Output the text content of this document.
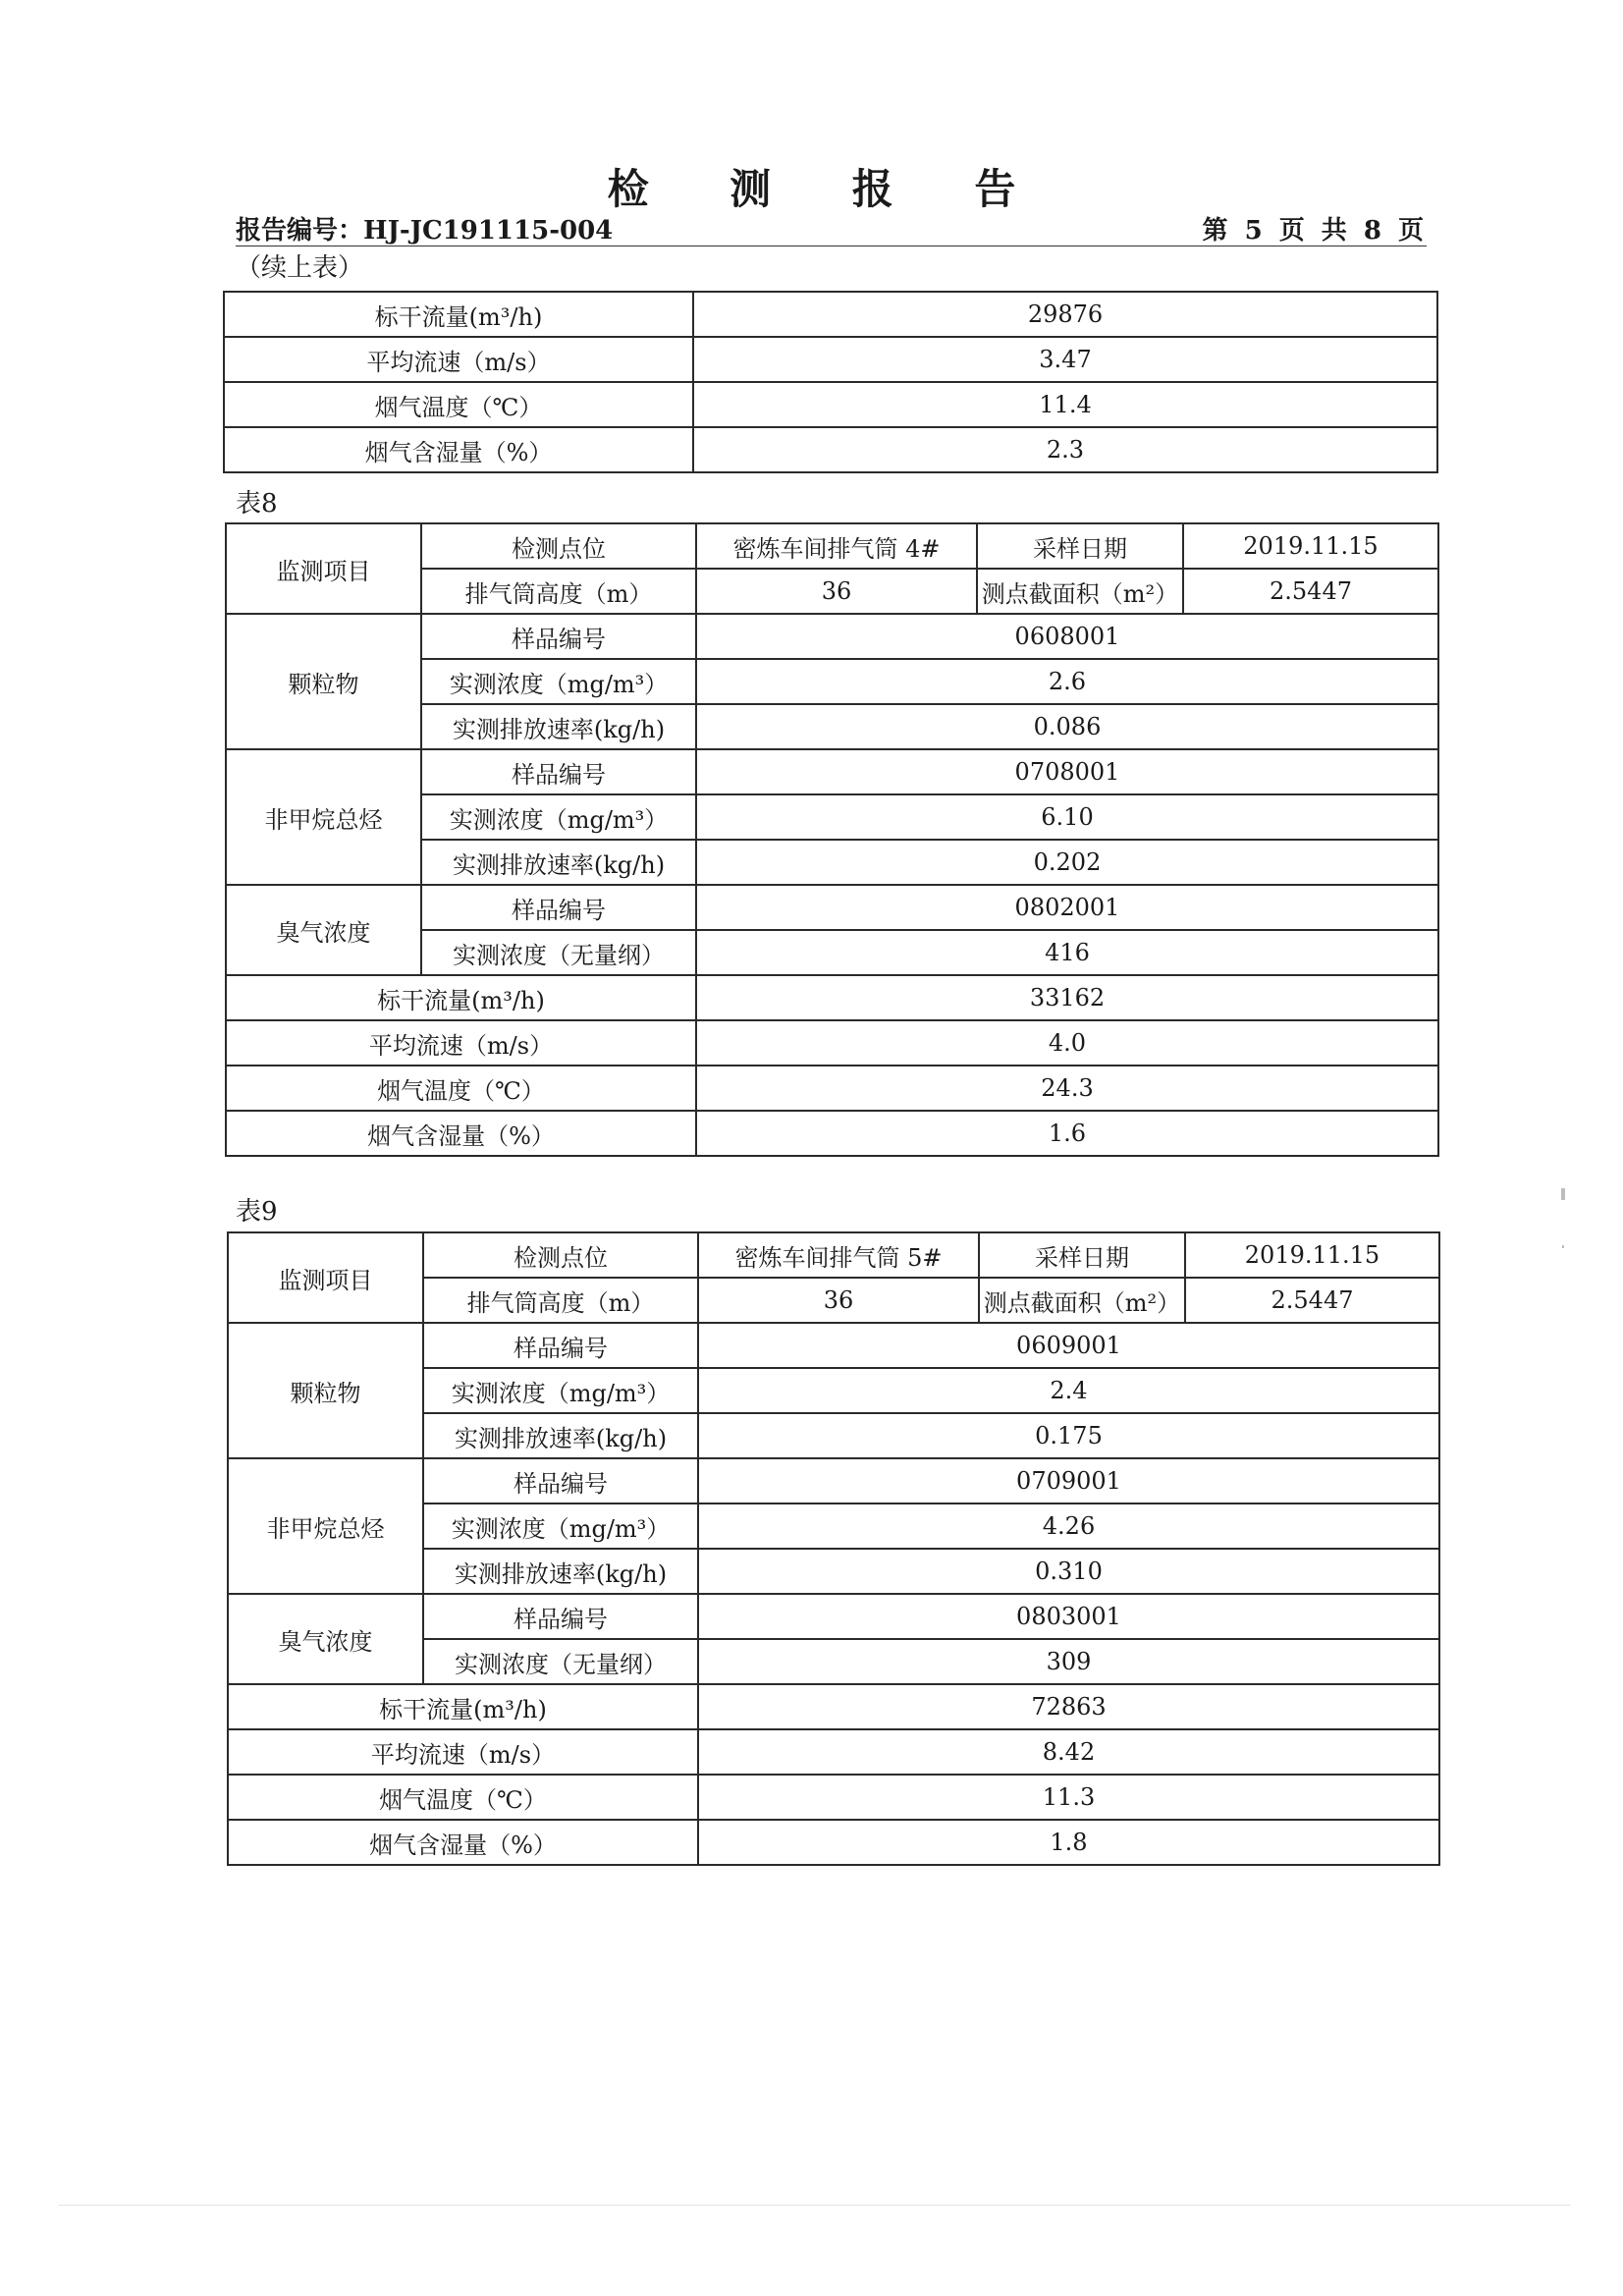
检 测 报 告
报告编号：HJ-JC191115-004	第 5 页 共 8 页
（续上表）
标干流量(m³/h)	29876
平均流速（m/s）	3.47
烟气温度（℃）	11.4
烟气含湿量（%）	2.3
表8
监测项目	检测点位	密炼车间排气筒 4#	采样日期	2019.11.15
	排气筒高度（m）	36	测点截面积（m²）	2.5447
颗粒物	样品编号	0608001		
	实测浓度（mg/m³）	2.6		
	实测排放速率(kg/h)	0.086		
非甲烷总烃	样品编号	0708001		
	实测浓度（mg/m³）	6.10		
	实测排放速率(kg/h)	0.202		
臭气浓度	样品编号	0802001		
	实测浓度（无量纲）	416		
标干流量(m³/h)		33162		
平均流速（m/s）		4.0		
烟气温度（℃）		24.3		
烟气含湿量（%）		1.6		
表9
监测项目	检测点位	密炼车间排气筒 5#	采样日期	2019.11.15
	排气筒高度（m）	36	测点截面积（m²）	2.5447
颗粒物	样品编号	0609001		
	实测浓度（mg/m³）	2.4		
	实测排放速率(kg/h)	0.175		
非甲烷总烃	样品编号	0709001		
	实测浓度（mg/m³）	4.26		
	实测排放速率(kg/h)	0.310		
臭气浓度	样品编号	0803001		
	实测浓度（无量纲）	309		
标干流量(m³/h)		72863		
平均流速（m/s）		8.42		
烟气温度（℃）		11.3		
烟气含湿量（%）		1.8		
